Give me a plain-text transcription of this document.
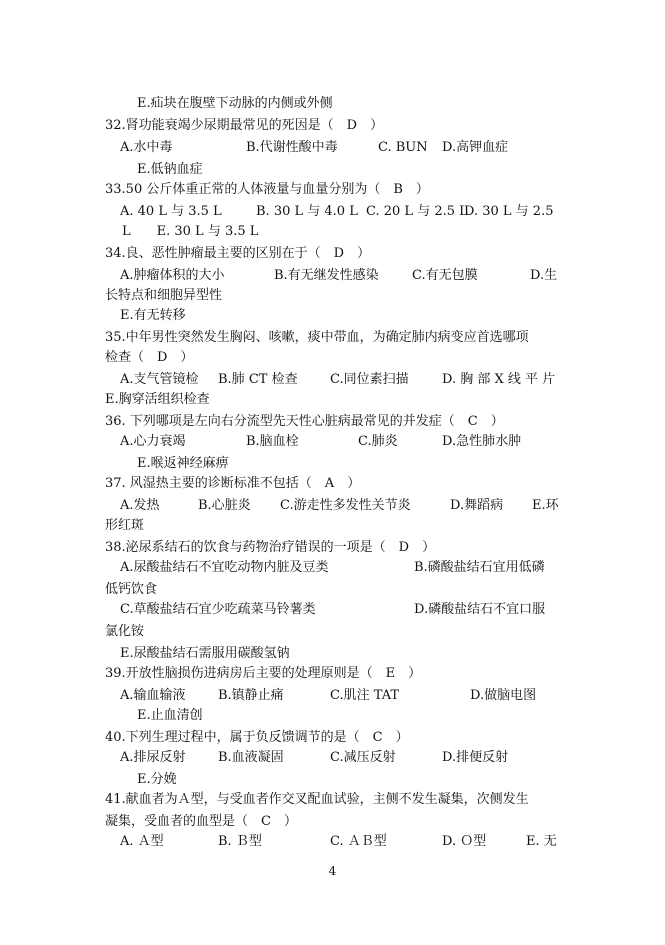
E.疝块在腹壁下动脉的内侧或外侧
32.肾功能衰竭少尿期最常见的死因是（　D　）
A.水中毒	B.代谢性酸中毒	C. BUN D.高钾血症
E.低钠血症
33.50 公斤体重正常的人体液量与血量分别为（　B　）
A. 40 L 与 3.5 L	B. 30 L 与 4.0 L C. 20 L 与 2.5 L
D. 30 L 与 2.5
L　　E. 30 L 与 3.5 L
34.良、恶性肿瘤最主要的区别在于（　D　）
A.肿瘤体积的大小	B.有无继发性感染	C.有无包膜	D.生
长特点和细胞异型性
E.有无转移
35.中年男性突然发生胸闷、咳嗽，痰中带血，为确定肺内病变应首选哪项
检查（　D　）
A.支气管镜检 B.肺 CT 检查 C.同位素扫描	D. 胸 部 X 线 平 片
E.胸穿活组织检查
36. 下列哪项是左向右分流型先天性心脏病最常见的并发症（　C　）
A.心力衰竭	B.脑血栓	C.肺炎	D.急性肺水肿
E.喉返神经麻痹
37. 风湿热主要的诊断标准不包括（　A　）
A.发热	B.心脏炎 C.游走性多发性关节炎	D.舞蹈病 E.环
形红斑
38.泌尿系结石的饮食与药物治疗错误的一项是（　D　）
A.尿酸盐结石不宜吃动物内脏及豆类	B.磷酸盐结石宜用低磷
低钙饮食
C.草酸盐结石宜少吃疏菜马铃薯类	D.磷酸盐结石不宜口服
氯化铵
E.尿酸盐结石需服用碳酸氢钠
39.开放性脑损伤进病房后主要的处理原则是（　E　）
A.输血输液 B.镇静止痛	C.肌注 TAT	D.做脑电图
E.止血清创
40.下列生理过程中，属于负反馈调节的是（　C　）
A.排尿反射 B.血液凝固	C.减压反射	D.排便反射
E.分娩
41.献血者为Ａ型，与受血者作交叉配血试验，主侧不发生凝集，次侧发生
凝集，受血者的血型是（　C　）
A. Ａ型	B. Ｂ型	C. ＡＢ型	D. Ｏ型	E. 无
4
